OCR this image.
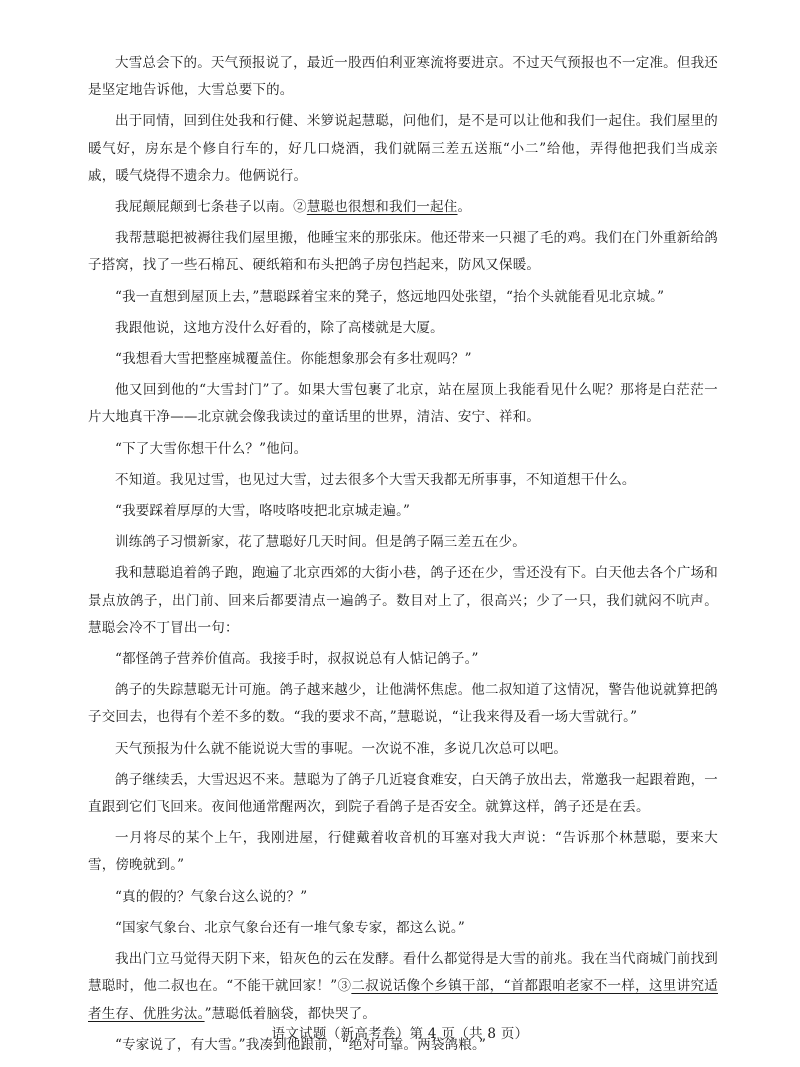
大雪总会下的。天气预报说了，最近一股西伯利亚寒流将要进京。不过天气预报也不一定准。但我还是坚定地告诉他，大雪总要下的。

出于同情，回到住处我和行健、米箩说起慧聪，问他们，是不是可以让他和我们一起住。我们屋里的暖气好，房东是个修自行车的，好几口烧酒，我们就隔三差五送瓶“小二”给他，弄得他把我们当成亲戚，暖气烧得不遗余力。他俩说行。

我屁颠屁颠到七条巷子以南。②慧聪也很想和我们一起住。

我帮慧聪把被褥往我们屋里搬，他睡宝来的那张床。他还带来一只褪了毛的鸡。我们在门外重新给鸽子搭窝，找了一些石棉瓦、硬纸箱和布头把鸽子房包挡起来，防风又保暖。

“我一直想到屋顶上去，”慧聪踩着宝来的凳子，悠远地四处张望，“抬个头就能看见北京城。”

我跟他说，这地方没什么好看的，除了高楼就是大厦。

“我想看大雪把整座城覆盖住。你能想象那会有多壮观吗？”

他又回到他的“大雪封门”了。如果大雪包裹了北京，站在屋顶上我能看见什么呢？那将是白茫茫一片大地真干净——北京就会像我读过的童话里的世界，清洁、安宁、祥和。

“下了大雪你想干什么？”他问。

不知道。我见过雪，也见过大雪，过去很多个大雪天我都无所事事，不知道想干什么。

“我要踩着厚厚的大雪，咯吱咯吱把北京城走遍。”

训练鸽子习惯新家，花了慧聪好几天时间。但是鸽子隔三差五在少。

我和慧聪追着鸽子跑，跑遍了北京西郊的大街小巷，鸽子还在少，雪还没有下。白天他去各个广场和景点放鸽子，出门前、回来后都要清点一遍鸽子。数目对上了，很高兴；少了一只，我们就闷不吭声。慧聪会冷不丁冒出一句：

“都怪鸽子营养价值高。我接手时，叔叔说总有人惦记鸽子。”

鸽子的失踪慧聪无计可施。鸽子越来越少，让他满怀焦虑。他二叔知道了这情况，警告他说就算把鸽子交回去，也得有个差不多的数。“我的要求不高，”慧聪说，“让我来得及看一场大雪就行。”

天气预报为什么就不能说说大雪的事呢。一次说不准，多说几次总可以吧。

鸽子继续丢，大雪迟迟不来。慧聪为了鸽子几近寝食难安，白天鸽子放出去，常邀我一起跟着跑，一直跟到它们飞回来。夜间他通常醒两次，到院子看鸽子是否安全。就算这样，鸽子还是在丢。

一月将尽的某个上午，我刚进屋，行健戴着收音机的耳塞对我大声说：“告诉那个林慧聪，要来大雪，傍晚就到。”

“真的假的？气象台这么说的？”

“国家气象台、北京气象台还有一堆气象专家，都这么说。”

我出门立马觉得天阴下来，铅灰色的云在发酵。看什么都觉得是大雪的前兆。我在当代商城门前找到慧聪时，他二叔也在。“不能干就回家！”③二叔说话像个乡镇干部，“首都跟咱老家不一样，这里讲究适者生存、优胜劣汰。”慧聪低着脑袋，都快哭了。

“专家说了，有大雪。”我凑到他跟前，“绝对可靠。两袋鸽粮。”

语文试题（新高考卷）第 4 页（共 8 页）
